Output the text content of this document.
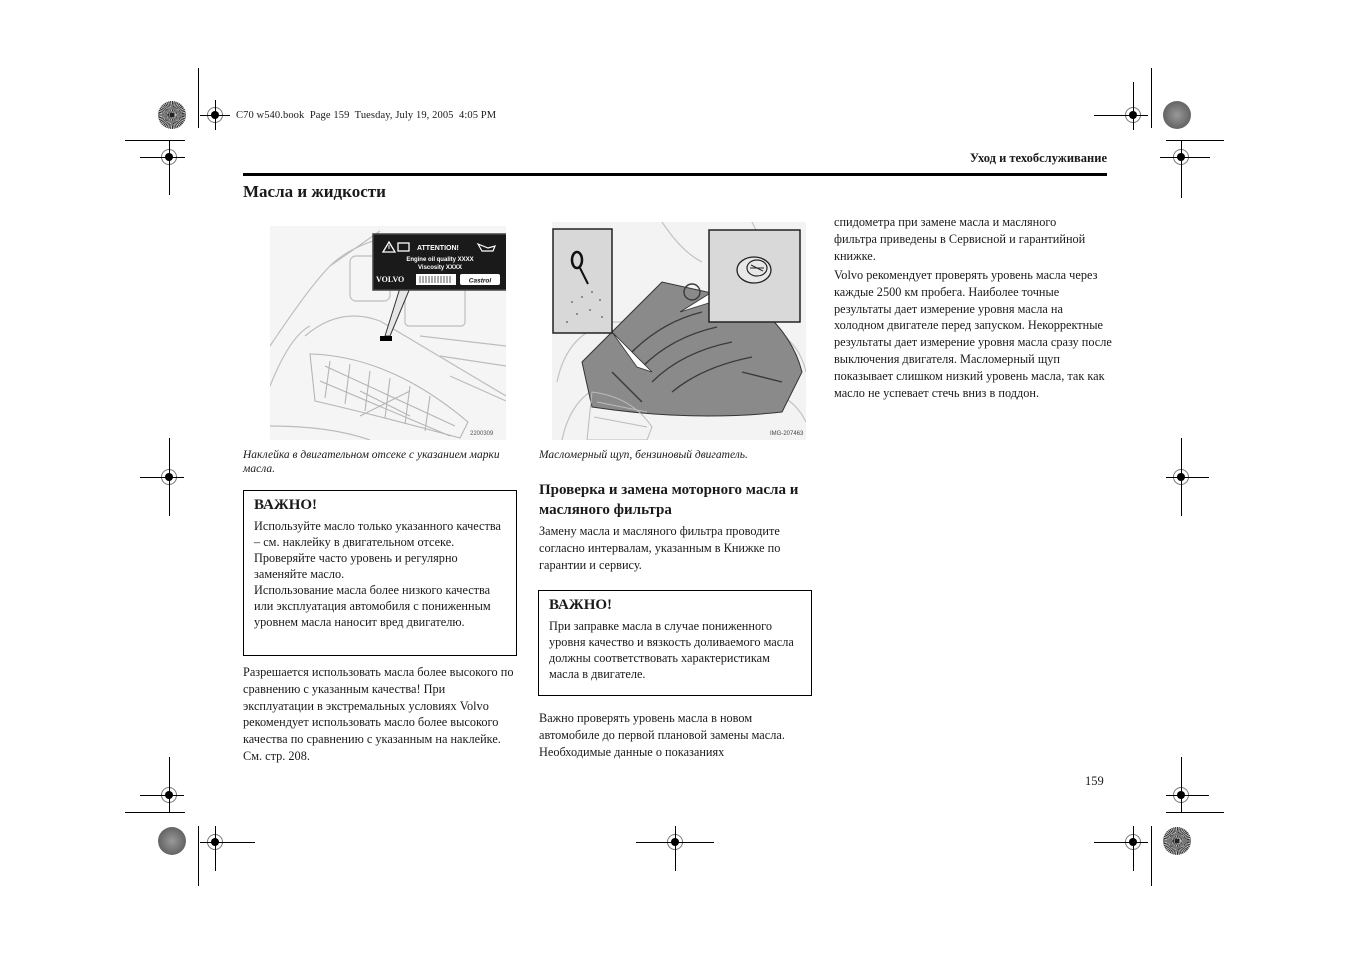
C70 w540.book  Page 159  Tuesday, July 19, 2005  4:05 PM
Уход и техобслуживание
Масла и жидкости
ATTENTION!
Engine oil quality XXXX
Viscosity XXXX
VOLVO	Castrol
2200309
Наклейка в двигательном отсеке с указанием марки масла.
ВАЖНО!
Используйте масло только указанного качества – см. наклейку в двигательном отсеке.
Проверяйте часто уровень и регулярно заменяйте масло.
Использование масла более низкого качества или эксплуатация автомобиля с пониженным уровнем масла наносит вред двигателю.
Разрешается использовать масла более высокого по сравнению с указанным качества! При эксплуатации в экстремальных условиях Volvo рекомендует использовать масло более высокого качества по сравнению с указанным на наклейке. См. стр. 208.
IMG-207463
Масломерный щуп, бензиновый двигатель.
Проверка и замена моторного масла и масляного фильтра
Замену масла и масляного фильтра проводите согласно интервалам, указанным в Книжке по гарантии и сервису.
ВАЖНО!
При заправке масла в случае пониженного уровня качество и вязкость доливаемого масла должны соответствовать характеристикам масла в двигателе.
Важно проверять уровень масла в новом автомобиле до первой плановой замены масла. Необходимые данные о показаниях
спидометра при замене масла и масляного фильтра приведены в Сервисной и гарантийной книжке.
Volvo рекомендует проверять уровень масла через каждые 2500 км пробега. Наиболее точные результаты дает измерение уровня масла на холодном двигателе перед запуском. Некорректные результаты дает измерение уровня масла сразу после выключения двигателя. Масломерный щуп показывает слишком низкий уровень масла, так как масло не успевает стечь вниз в поддон.
159
